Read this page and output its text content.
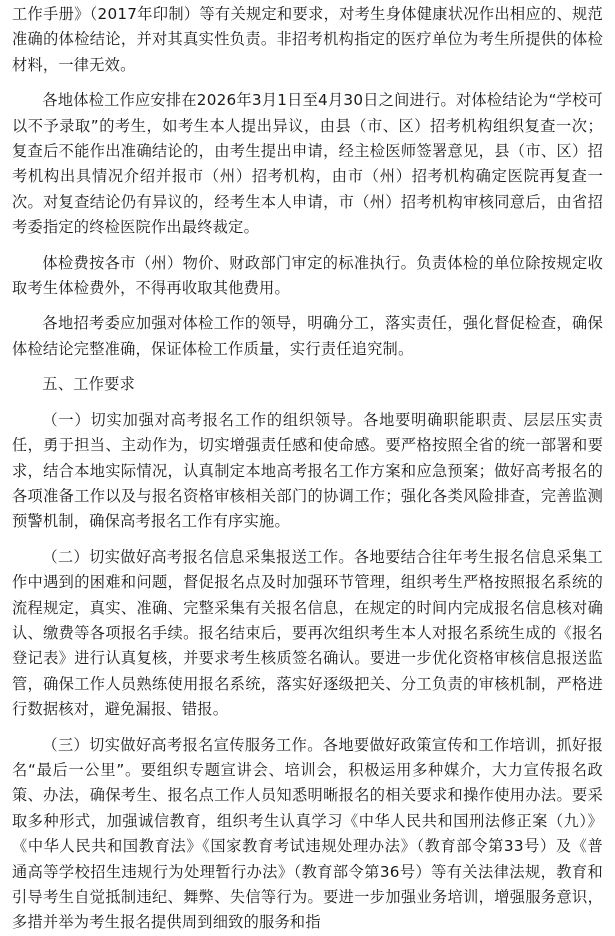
工作手册》（2017年印制）等有关规定和要求，对考生身体健康状况作出相应的、规范准确的体检结论，并对其真实性负责。非招考机构指定的医疗单位为考生所提供的体检材料，一律无效。

各地体检工作应安排在2026年3月1日至4月30日之间进行。对体检结论为“学校可以不予录取”的考生，如考生本人提出异议，由县（市、区）招考机构组织复查一次；复查后不能作出准确结论的，由考生提出申请，经主检医师签署意见，县（市、区）招考机构出具情况介绍并报市（州）招考机构，由市（州）招考机构确定医院再复查一次。对复查结论仍有异议的，经考生本人申请，市（州）招考机构审核同意后，由省招考委指定的终检医院作出最终裁定。

体检费按各市（州）物价、财政部门审定的标准执行。负责体检的单位除按规定收取考生体检费外，不得再收取其他费用。

各地招考委应加强对体检工作的领导，明确分工，落实责任，强化督促检查，确保体检结论完整准确，保证体检工作质量，实行责任追究制。

五、工作要求

（一）切实加强对高考报名工作的组织领导。各地要明确职能职责、层层压实责任，勇于担当、主动作为，切实增强责任感和使命感。要严格按照全省的统一部署和要求，结合本地实际情况，认真制定本地高考报名工作方案和应急预案；做好高考报名的各项准备工作以及与报名资格审核相关部门的协调工作；强化各类风险排查，完善监测预警机制，确保高考报名工作有序实施。

（二）切实做好高考报名信息采集报送工作。各地要结合往年考生报名信息采集工作中遇到的困难和问题，督促报名点及时加强环节管理，组织考生严格按照报名系统的流程规定，真实、准确、完整采集有关报名信息，在规定的时间内完成报名信息核对确认、缴费等各项报名手续。报名结束后，要再次组织考生本人对报名系统生成的《报名登记表》进行认真复核，并要求考生核质签名确认。要进一步优化资格审核信息报送监管，确保工作人员熟练使用报名系统，落实好逐级把关、分工负责的审核机制，严格进行数据核对，避免漏报、错报。

（三）切实做好高考报名宣传服务工作。各地要做好政策宣传和工作培训，抓好报名“最后一公里”。要组织专题宣讲会、培训会，积极运用多种媒介，大力宣传报名政策、办法，确保考生、报名点工作人员知悉明晰报名的相关要求和操作使用办法。要采取多种形式，加强诚信教育，组织考生认真学习《中华人民共和国刑法修正案（九）》《中华人民共和国教育法》《国家教育考试违规处理办法》（教育部令第33号）及《普通高等学校招生违规行为处理暂行办法》（教育部令第36号）等有关法律法规，教育和引导考生自觉抵制违纪、舞弊、失信等行为。要进一步加强业务培训，增强服务意识，多措并举为考生报名提供周到细致的服务和指
